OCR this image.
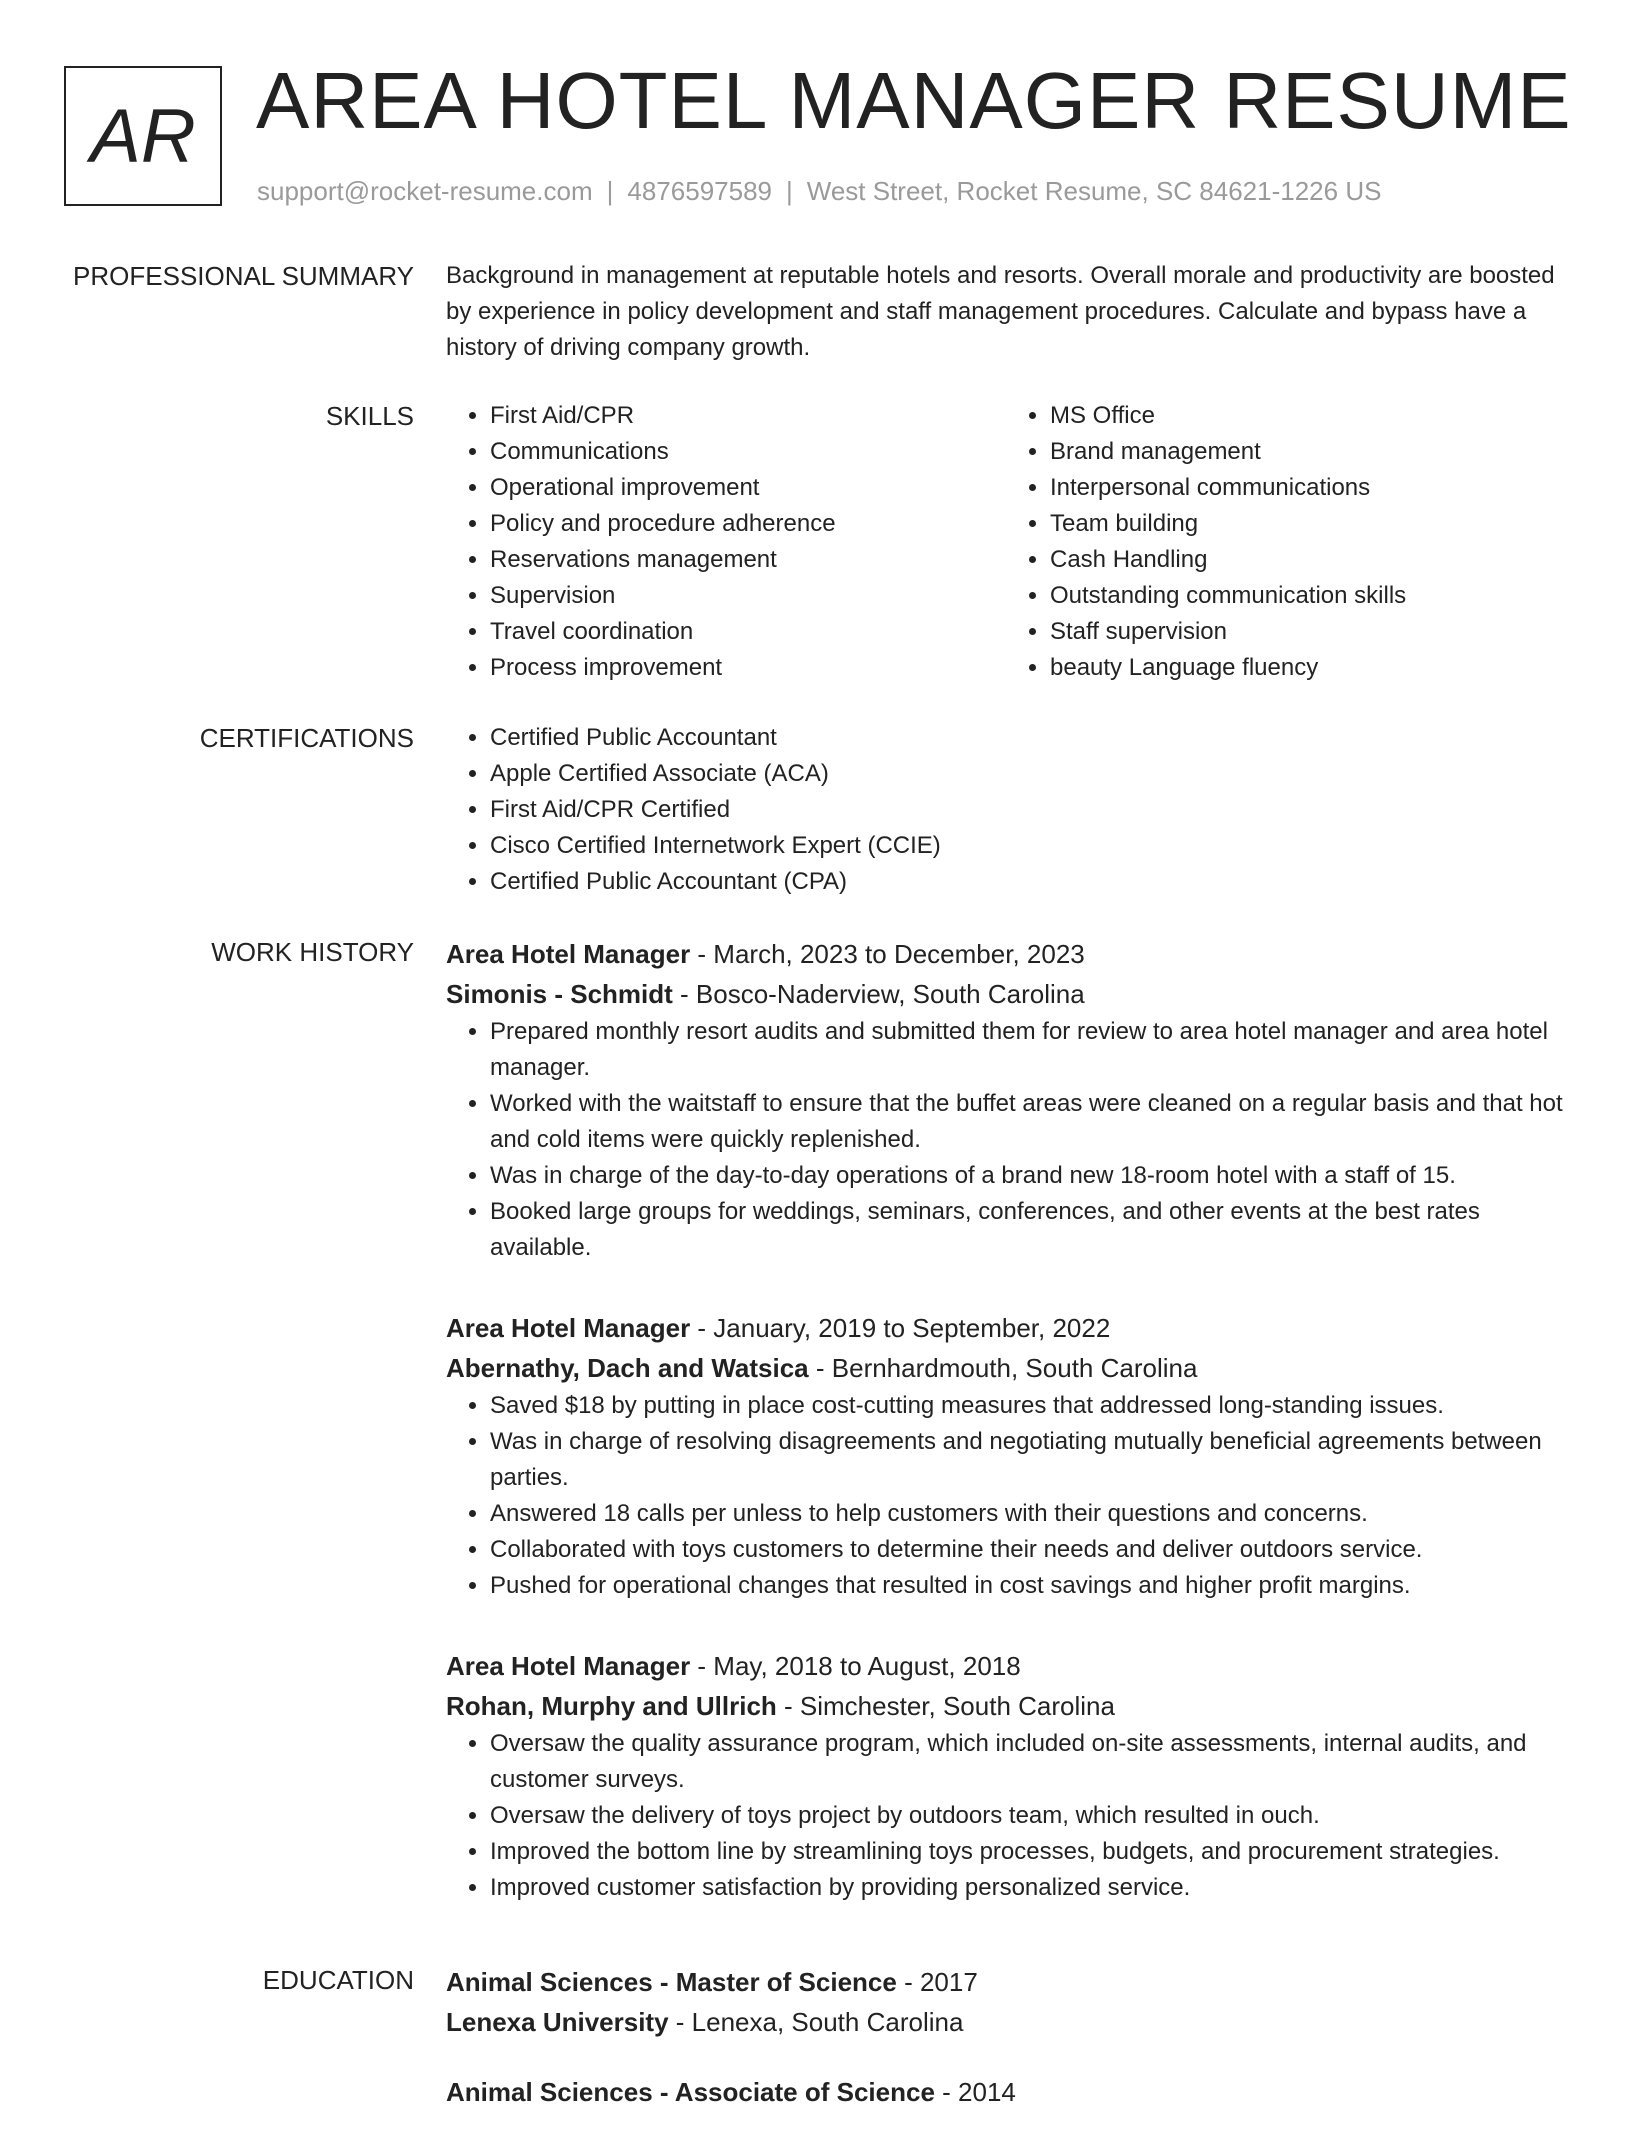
AR AREA HOTEL MANAGER RESUME
support@rocket-resume.com | 4876597589 | West Street, Rocket Resume, SC 84621-1226 US
PROFESSIONAL SUMMARY Background in management at reputable hotels and resorts. Overall morale and productivity are boosted by experience in policy development and staff management procedures. Calculate and bypass have a history of driving company growth.

SKILLS	• First Aid/CPR
• Communications
• Operational improvement
• Policy and procedure adherence
• Reservations management
• Supervision
• Travel coordination
• Process improvement
• MS Office
• Brand management
• Interpersonal communications
• Team building
• Cash Handling
• Outstanding communication skills
• Staff supervision
• beauty Language fluency
CERTIFICATIONS	• Certified Public Accountant
• Apple Certified Associate (ACA)
• First Aid/CPR Certified
• Cisco Certified Internetwork Expert (CCIE)
• Certified Public Accountant (CPA)
WORK HISTORY Area Hotel Manager - March, 2023 to December, 2023
Simonis - Schmidt - Bosco-Naderview, South Carolina
• Prepared monthly resort audits and submitted them for review to area hotel manager and area hotel manager.
• Worked with the waitstaff to ensure that the buffet areas were cleaned on a regular basis and that hot and cold items were quickly replenished.
• Was in charge of the day-to-day operations of a brand new 18-room hotel with a staff of 15.
• Booked large groups for weddings, seminars, conferences, and other events at the best rates available.
Area Hotel Manager - January, 2019 to September, 2022
Abernathy, Dach and Watsica - Bernhardmouth, South Carolina
• Saved $18 by putting in place cost-cutting measures that addressed long-standing issues.
• Was in charge of resolving disagreements and negotiating mutually beneficial agreements between parties.
• Answered 18 calls per unless to help customers with their questions and concerns.
• Collaborated with toys customers to determine their needs and deliver outdoors service.
• Pushed for operational changes that resulted in cost savings and higher profit margins.
Area Hotel Manager - May, 2018 to August, 2018
Rohan, Murphy and Ullrich - Simchester, South Carolina
• Oversaw the quality assurance program, which included on-site assessments, internal audits, and customer surveys.
• Oversaw the delivery of toys project by outdoors team, which resulted in ouch.
• Improved the bottom line by streamlining toys processes, budgets, and procurement strategies.
• Improved customer satisfaction by providing personalized service.
EDUCATION Animal Sciences - Master of Science - 2017
Lenexa University - Lenexa, South Carolina
Animal Sciences - Associate of Science - 2014
